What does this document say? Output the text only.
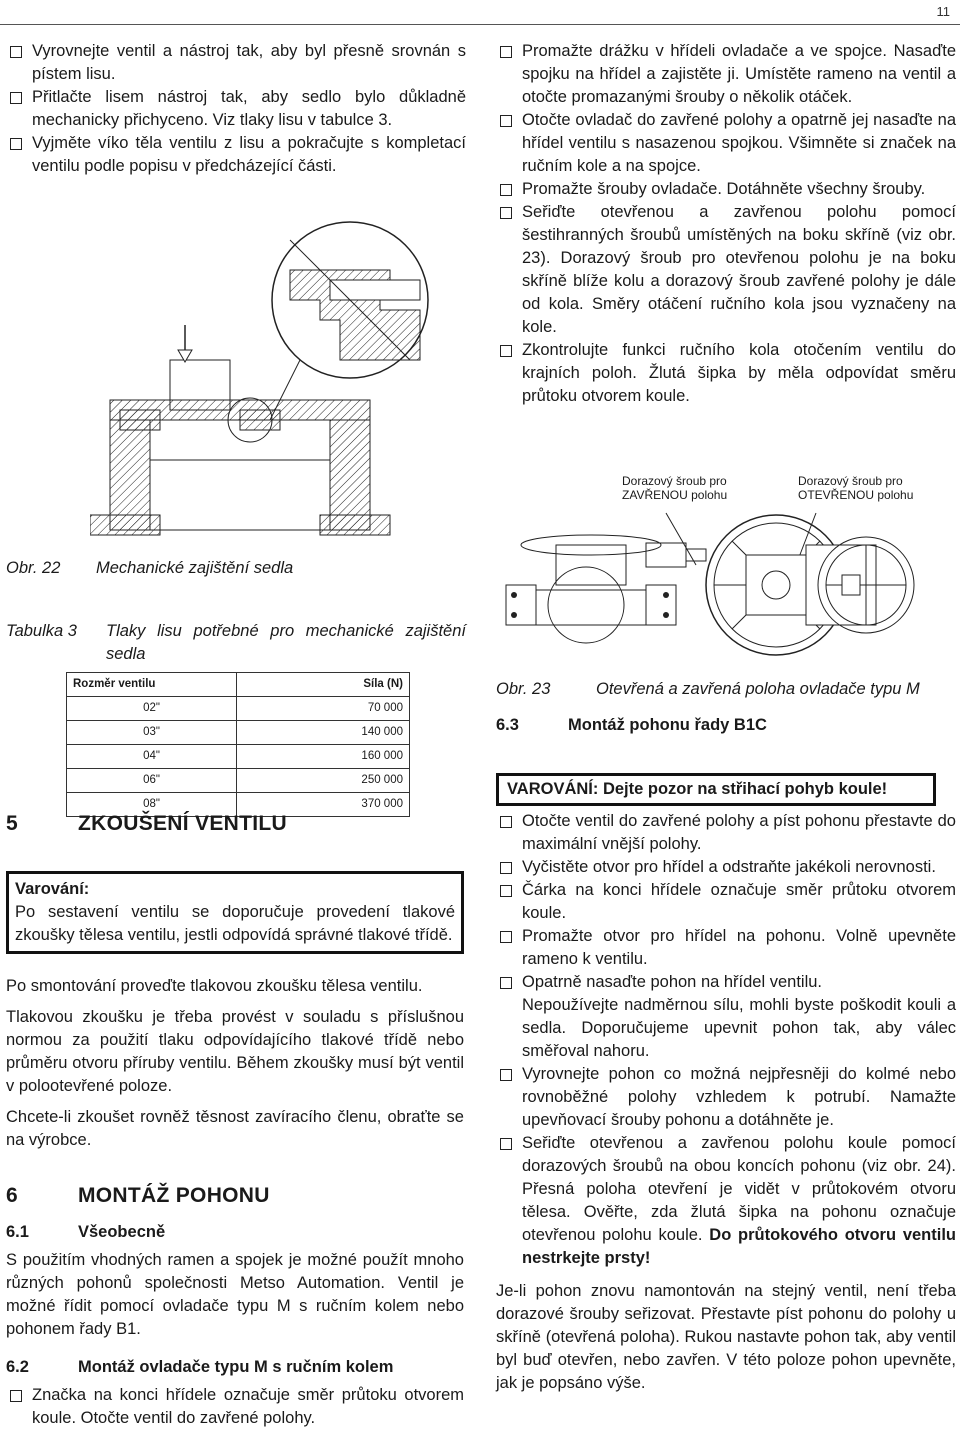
11
Vyrovnejte ventil a nástroj tak, aby byl přesně srovnán s pístem lisu.
Přitlačte lisem nástroj tak, aby sedlo bylo důkladně mechanicky přichyceno. Viz tlaky lisu v tabulce 3.
Vyjměte víko těla ventilu z lisu a pokračujte s kompletací ventilu podle popisu v předcházející části.
Obr. 22 Mechanické zajištění sedla
Tabulka 3	Tlaky lisu potřebné pro mechanické zajištění sedla
Rozměr ventilu	Síla (N)
02"	70 000
03"	140 000
04"	160 000
06"	250 000
08"	370 000
5	ZKOUŠENÍ VENTILU
Varování:
Po sestavení ventilu se doporučuje provedení tlakové zkoušky tělesa ventilu, jestli odpovídá správné tlakové třídě.

Po smontování proveďte tlakovou zkoušku tělesa ventilu.

Tlakovou zkoušku je třeba provést v souladu s příslušnou normou za použití tlaku odpovídajícího tlakové třídě nebo průměru otvoru příruby ventilu. Během zkoušky musí být ventil v polootevřené poloze.

Chcete-li zkoušet rovněž těsnost zavíracího členu, obraťte se na výrobce.

6	MONTÁŽ POHONU
6.1	Všeobecně

S použitím vhodných ramen a spojek je možné použít mnoho různých pohonů společnosti Metso Automation. Ventil je možné řídit pomocí ovladače typu M s ručním kolem nebo pohonem řady B1.

6.2	Montáž ovladače typu M s ručním kolem
Značka na konci hřídele označuje směr průtoku otvorem koule. Otočte ventil do zavřené polohy.
Promažte drážku v hřídeli ovladače a ve spojce. Nasaďte spojku na hřídel a zajistěte ji. Umístěte rameno na ventil a otočte promazanými šrouby o několik otáček.
Otočte ovladač do zavřené polohy a opatrně jej nasaďte na hřídel ventilu s nasazenou spojkou. Všimněte si značek na ručním kole a na spojce.
Promažte šrouby ovladače. Dotáhněte všechny šrouby.
Seřiďte otevřenou a zavřenou polohu pomocí šestihranných šroubů umístěných na boku skříně (viz obr. 23). Dorazový šroub pro otevřenou polohu je na boku skříně blíže kolu a dorazový šroub zavřené polohy je dále od kola. Směry otáčení ručního kola jsou vyznačeny na kole.
Zkontrolujte funkci ručního kola otočením ventilu do krajních poloh. Žlutá šipka by měla odpovídat směru průtoku otvorem koule.
Dorazový šroub pro
ZAVŘENOU polohu
Dorazový šroub pro
OTEVŘENOU polohu
Obr. 23	Otevřená a zavřená poloha ovladače typu M
6.3	Montáž pohonu řady B1C
VAROVÁNÍ: Dejte pozor na střihací pohyb koule!
Otočte ventil do zavřené polohy a píst pohonu přestavte do maximální vnější polohy.
Vyčistěte otvor pro hřídel a odstraňte jakékoli nerovnosti.
Čárka na konci hřídele označuje směr průtoku otvorem koule.
Promažte otvor pro hřídel na pohonu. Volně upevněte rameno k ventilu.
Opatrně nasaďte pohon na hřídel ventilu.

Nepoužívejte nadměrnou sílu, mohli byste poškodit kouli a sedla. Doporučujeme upevnit pohon tak, aby válec směřoval nahoru.

Vyrovnejte pohon co možná nejpřesněji do kolmé nebo rovnoběžné polohy vzhledem k potrubí. Namažte upevňovací šrouby pohonu a dotáhněte je.
Seřiďte otevřenou a zavřenou polohu koule pomocí dorazových šroubů na obou koncích pohonu (viz obr. 24). Přesná poloha otevření je vidět v průtokovém otvoru tělesa. Ověřte, zda žlutá šipka na pohonu označuje otevřenou polohu koule. Do průtokového otvoru ventilu nestrkejte prsty!

Je-li pohon znovu namontován na stejný ventil, není třeba dorazové šrouby seřizovat. Přestavte píst pohonu do polohy u skříně (otevřená poloha). Rukou nastavte pohon tak, aby ventil byl buď otevřen, nebo zavřen. V této poloze pohon upevněte, jak je popsáno výše.
